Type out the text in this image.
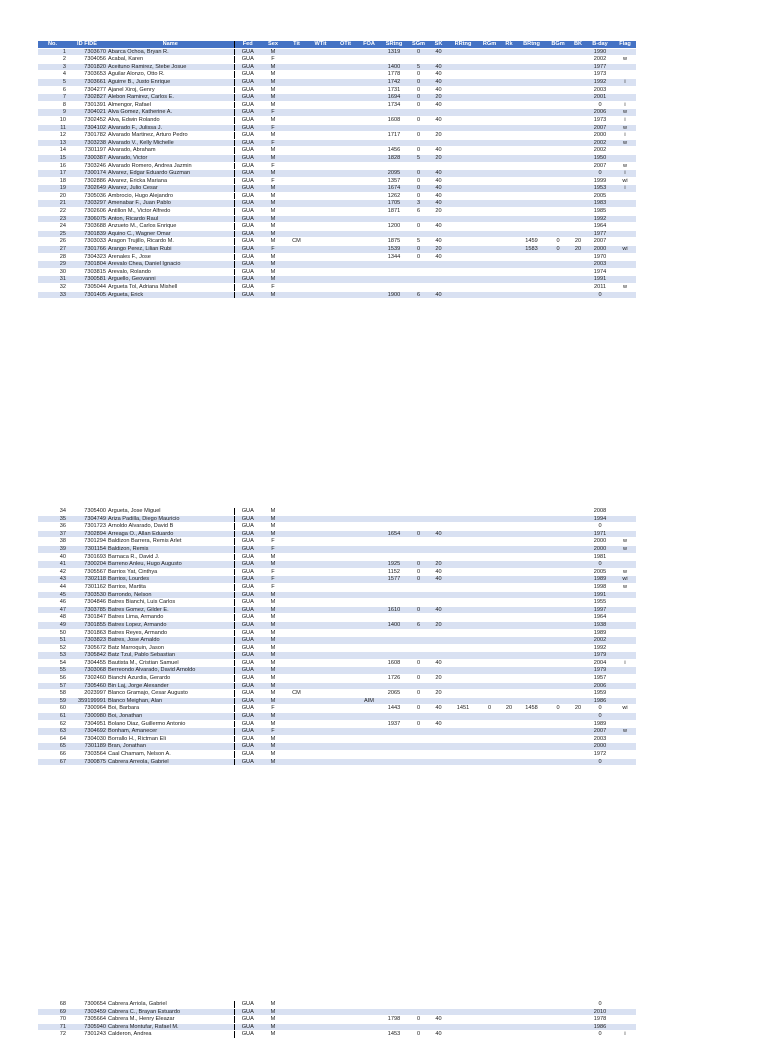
No.	ID FIDE	Name	Fed	Sex	Tit	WTit	OTit	FOA	SRtng	SGm	SK	RRtng	RGm	Rk	BRtng	BGm	BK	B-day	Flag
1	7303670	Abarca Ochoa, Bryan R.	GUA	M					1319	0	40							1990	
2	7304056	Acabal, Karen	GUA	F														2002	w
3	7301820	Aceituno Ramirez, Stebe Josue	GUA	M					1400	5	40							1977	
4	7303653	Aguilar Alonzo, Otto R.	GUA	M					1778	0	40							1973	
5	7303661	Aguirre B., Justo Enrique	GUA	M					1742	0	40							1992	i
6	7304277	Ajanel Xiroj, Genry	GUA	M					1731	0	40							2003	
7	7302827	Alebon Ramirez, Carlos E.	GUA	M					1694	0	20							2001	
8	7301391	Almengor, Rafael	GUA	M					1734	0	40							0	i
9	7304021	Alva Gomez, Katherine A.	GUA	F														2006	w
10	7302452	Alva, Edwin Rolando	GUA	M					1608	0	40							1973	i
11	7304102	Alvarado F., Julissa J.	GUA	F														2007	w
12	7301782	Alvarado Martinez, Arturo Pedro	GUA	M					1717	0	20							2000	i
13	7303238	Alvarado V., Kelly Michelle	GUA	F														2002	w
14	7301197	Alvarado, Abraham	GUA	M					1456	0	40							2002	
15	7300387	Alvarado, Victor	GUA	M					1828	5	20							1950	
16	7303246	Alvarado Romero, Andrea Jazmin	GUA	F														2007	w
17	7300174	Alvarez, Edgar Eduardo Guzman	GUA	M					2095	0	40							0	i
18	7302886	Alvarez, Ericka Mariana	GUA	F					1357	0	40							1999	wi
19	7302649	Alvarez, Julio Cesar	GUA	M					1674	0	40							1953	i
20	7305036	Ambrocio, Hugo Alejandro	GUA	M					1262	0	40							2005	
21	7303297	Amenabar F., Juan Pablo	GUA	M					1705	3	40							1983	
22	7302606	Antillon M., Victor Alfredo	GUA	M					1871	6	20							1985	
23	7306075	Anton, Ricardo Raul	GUA	M														1992	
24	7303688	Anzueto M., Carlos Enrique	GUA	M					1200	0	40							1964	
25	7301839	Aquino C., Wagner Omar	GUA	M														1977	
26	7303033	Aragon Trujillo, Ricardo M.	GUA	M	CM				1875	5	40				1459	0	20	2007	
27	7301766	Arango Perez, Lilian Rubi	GUA	F					1539	0	20				1583	0	20	2000	wi
28	7304323	Arenales F., Jose	GUA	M					1344	0	40							1970	
29	7301804	Arevalo Chea, Daniel Ignacio	GUA	M														2003	
30	7303815	Arevalo, Rolando	GUA	M														1974	
31	7300581	Arguello, Geovanni	GUA	M														1991	
32	7305044	Argueta Tol, Adriana Mishell	GUA	F														2011	w
33	7301405	Argueta, Erick	GUA	M					1900	6	40							0	
34	7305400	Argueta, Jose Miguel	GUA	M														2008	
35	7304749	Ariza Padilla, Diego Mauricio	GUA	M														1994	
36	7301723	Arnoldo Alvarado, David B	GUA	M														0	
37	7302894	Arreaga O., Allan Eduardo	GUA	M					1654	0	40							1971	
38	7301294	Baldizon Barrera, Remis Arlet	GUA	F														2000	w
39	7301154	Baldizon, Remis	GUA	F														2000	w
40	7301693	Barnaca R., David J.	GUA	M														1981	
41	7300204	Barreno Anleu, Hugo Augusto	GUA	M					1925	0	20							0	
42	7305567	Barrios Yat, Cinthya	GUA	F					1152	0	40							2005	w
43	7302118	Barrios, Lourdes	GUA	F					1577	0	40							1989	wi
44	7301162	Barrios, Martita	GUA	F														1998	w
45	7303530	Barrondo, Nelson	GUA	M														1991	
46	7304846	Batres Bianchi, Luis Carlos	GUA	M														1955	
47	7303785	Batres Gomez, Gilder E.	GUA	M					1610	0	40							1997	
48	7301847	Batres Lima, Armando	GUA	M														1964	
49	7301855	Batres Lopez, Armando	GUA	M					1400	6	20							1938	
50	7301863	Batres Reyes, Armando	GUA	M														1989	
51	7303823	Batres, Jose Arnaldo	GUA	M														2002	
52	7305672	Batz Marroquin, Jason	GUA	M														1992	
53	7305842	Batz Tzul, Pablo Sebastian	GUA	M														1979	
54	7304455	Bautista M., Cristian Samuel	GUA	M					1608	0	40							2004	i
55	7303068	Berreondo Alvarado, David Arnoldo	GUA	M														1979	
56	7302460	Bianchi Azurdia, Gerardo	GUA	M					1726	0	20							1957	
57	7305460	Bin Laj, Jorge Alexander	GUA	M														2006	
58	2023997	Blanco Gramajo, Cesar Augusto	GUA	M	CM				2065	0	20							1959	
59	359199991	Blanco Meighan, Alan	GUA	M				AIM										1986	
60	7300964	Boi, Barbara	GUA	F					1443	0	40	1451	0	20	1458	0	20	0	wi
61	7300980	Boi, Jonathan	GUA	M														0	
62	7304951	Bolano Diaz, Guillermo Antonio	GUA	M					1937	0	40							1989	
63	7304692	Bonham, Amanecer	GUA	F														2007	w
64	7304030	Borrallo H., Rictman Eli	GUA	M														2003	
65	7301189	Bran, Jonathan	GUA	M														2000	
66	7303564	Caal Chamam, Nelson A.	GUA	M														1972	
67	7300875	Cabrera Arreola, Gabriel	GUA	M														0	
68	7300654	Cabrera Arriola, Gabriel	GUA	M														0	
69	7303459	Cabrera C., Brayan Estuardo	GUA	M														2010	
70	7305664	Cabrera M., Henry Eleazar	GUA	M					1798	0	40							1978	
71	7305940	Cabrera Montufar, Rafael M.	GUA	M														1986	
72	7301243	Calderon, Andrea	GUA	M					1453	0	40							0	i
